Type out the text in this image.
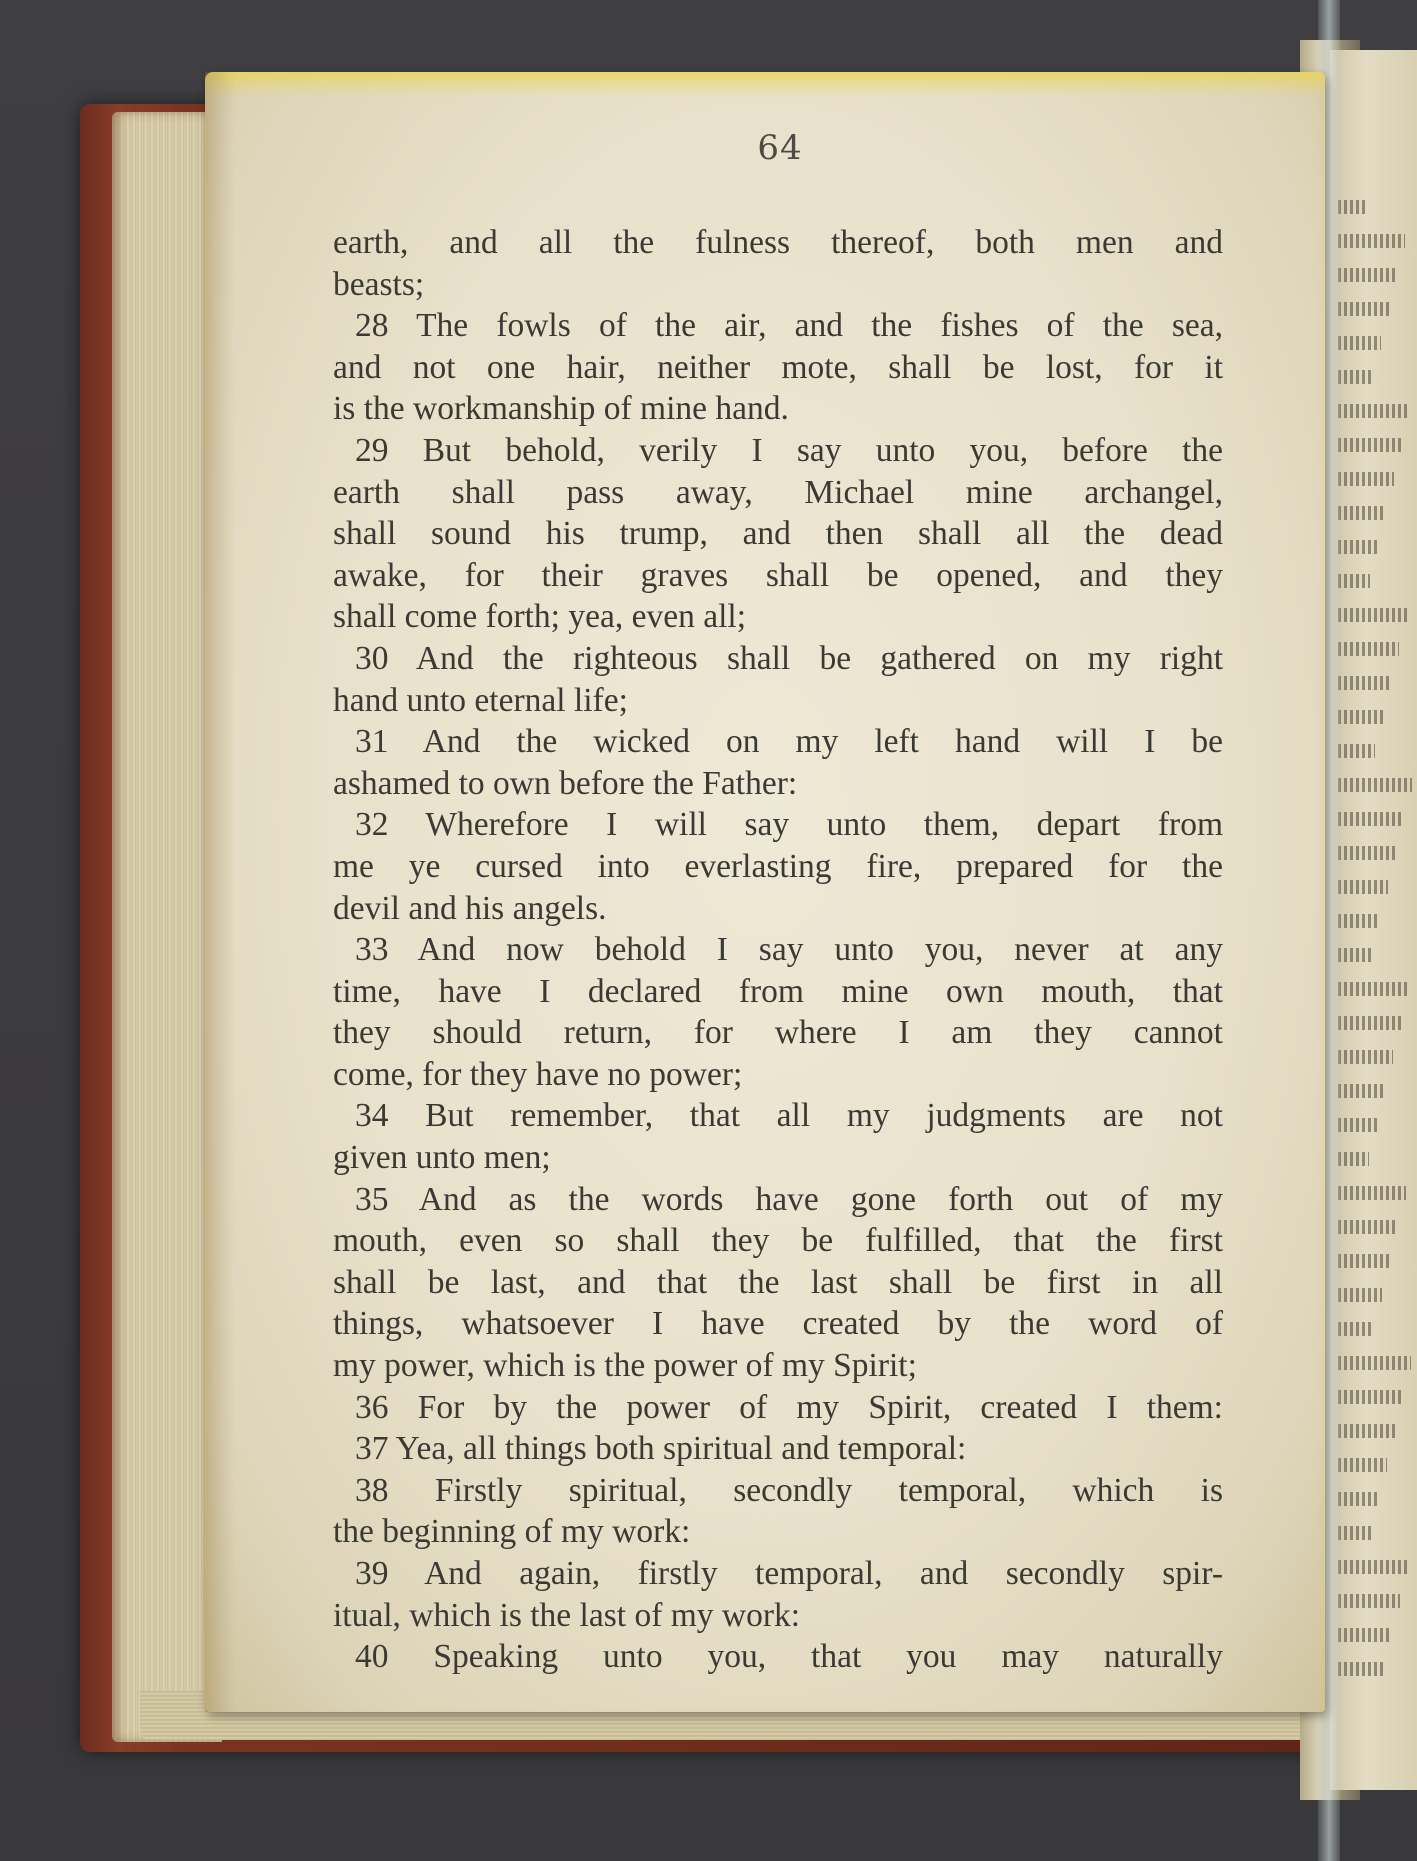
64
earth, and all the fulness thereof, both men and
beasts;
28 The fowls of the air, and the fishes of the sea,
and not one hair, neither mote, shall be lost, for it
is the workmanship of mine hand.
29 But behold, verily I say unto you, before the
earth shall pass away, Michael mine archangel,
shall sound his trump, and then shall all the dead
awake, for their graves shall be opened, and they
shall come forth; yea, even all;
30 And the righteous shall be gathered on my right
hand unto eternal life;
31 And the wicked on my left hand will I be
ashamed to own before the Father:
32 Wherefore I will say unto them, depart from
me ye cursed into everlasting fire, prepared for the
devil and his angels.
33 And now behold I say unto you, never at any
time, have I declared from mine own mouth, that
they should return, for where I am they cannot
come, for they have no power;
34 But remember, that all my judgments are not
given unto men;
35 And as the words have gone forth out of my
mouth, even so shall they be fulfilled, that the first
shall be last, and that the last shall be first in all
things, whatsoever I have created by the word of
my power, which is the power of my Spirit;
36 For by the power of my Spirit, created I them:
37 Yea, all things both spiritual and temporal:
38 Firstly spiritual, secondly temporal, which is
the beginning of my work:
39 And again, firstly temporal, and secondly spir-
itual, which is the last of my work:
40 Speaking unto you, that you may naturally
